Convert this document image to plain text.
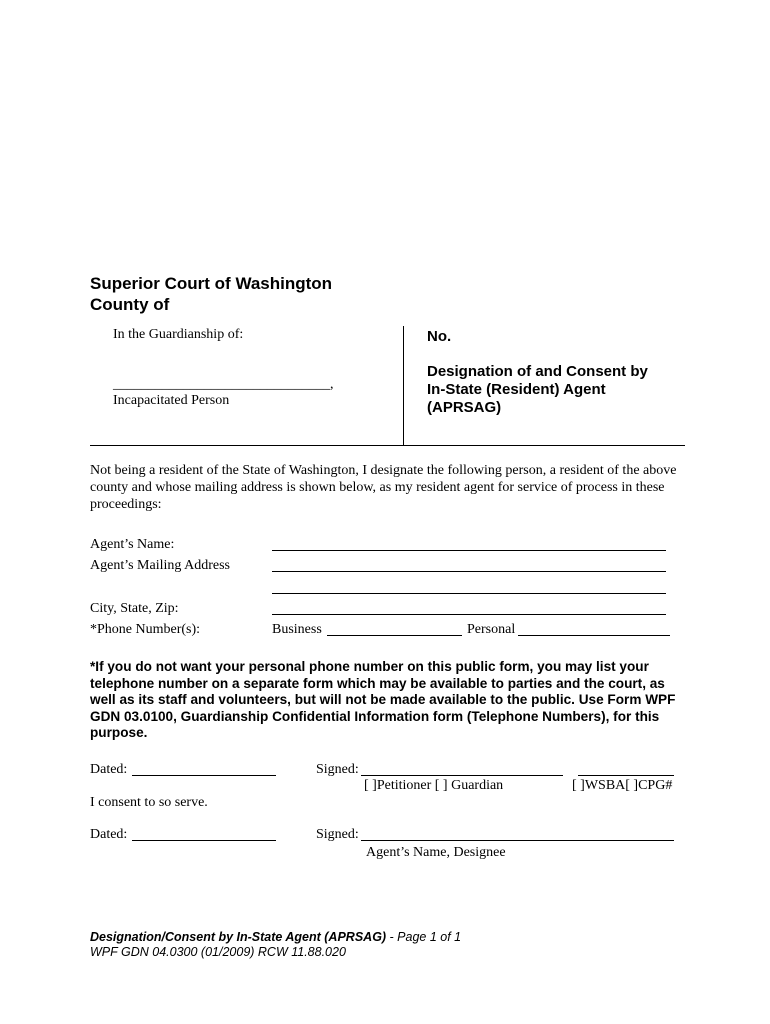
Superior Court of Washington
County of
In the Guardianship of:
_______________________________,
Incapacitated Person
No.
Designation of and Consent by
In-State (Resident) Agent
(APRSAG)
Not being a resident of the State of Washington, I designate the following person, a resident of the above county and whose mailing address is shown below, as my resident agent for service of process in these proceedings:
Agent’s Name:
Agent’s Mailing Address
City, State, Zip:
*Phone Number(s):	Business	Personal
*If you do not want your personal phone number on this public form, you may list your telephone number on a separate form which may be available to parties and the court, as well as its staff and volunteers, but will not be made available to the public. Use Form WPF GDN 03.0100, Guardianship Confidential Information form (Telephone Numbers), for this purpose.
Dated:	Signed:
[ ]Petitioner [ ] Guardian	[ ]WSBA[ ]CPG#
I consent to so serve.
Dated:	Signed:
Agent’s Name, Designee
Designation/Consent by In-State Agent (APRSAG) - Page 1 of 1
WPF GDN 04.0300 (01/2009) RCW 11.88.020
